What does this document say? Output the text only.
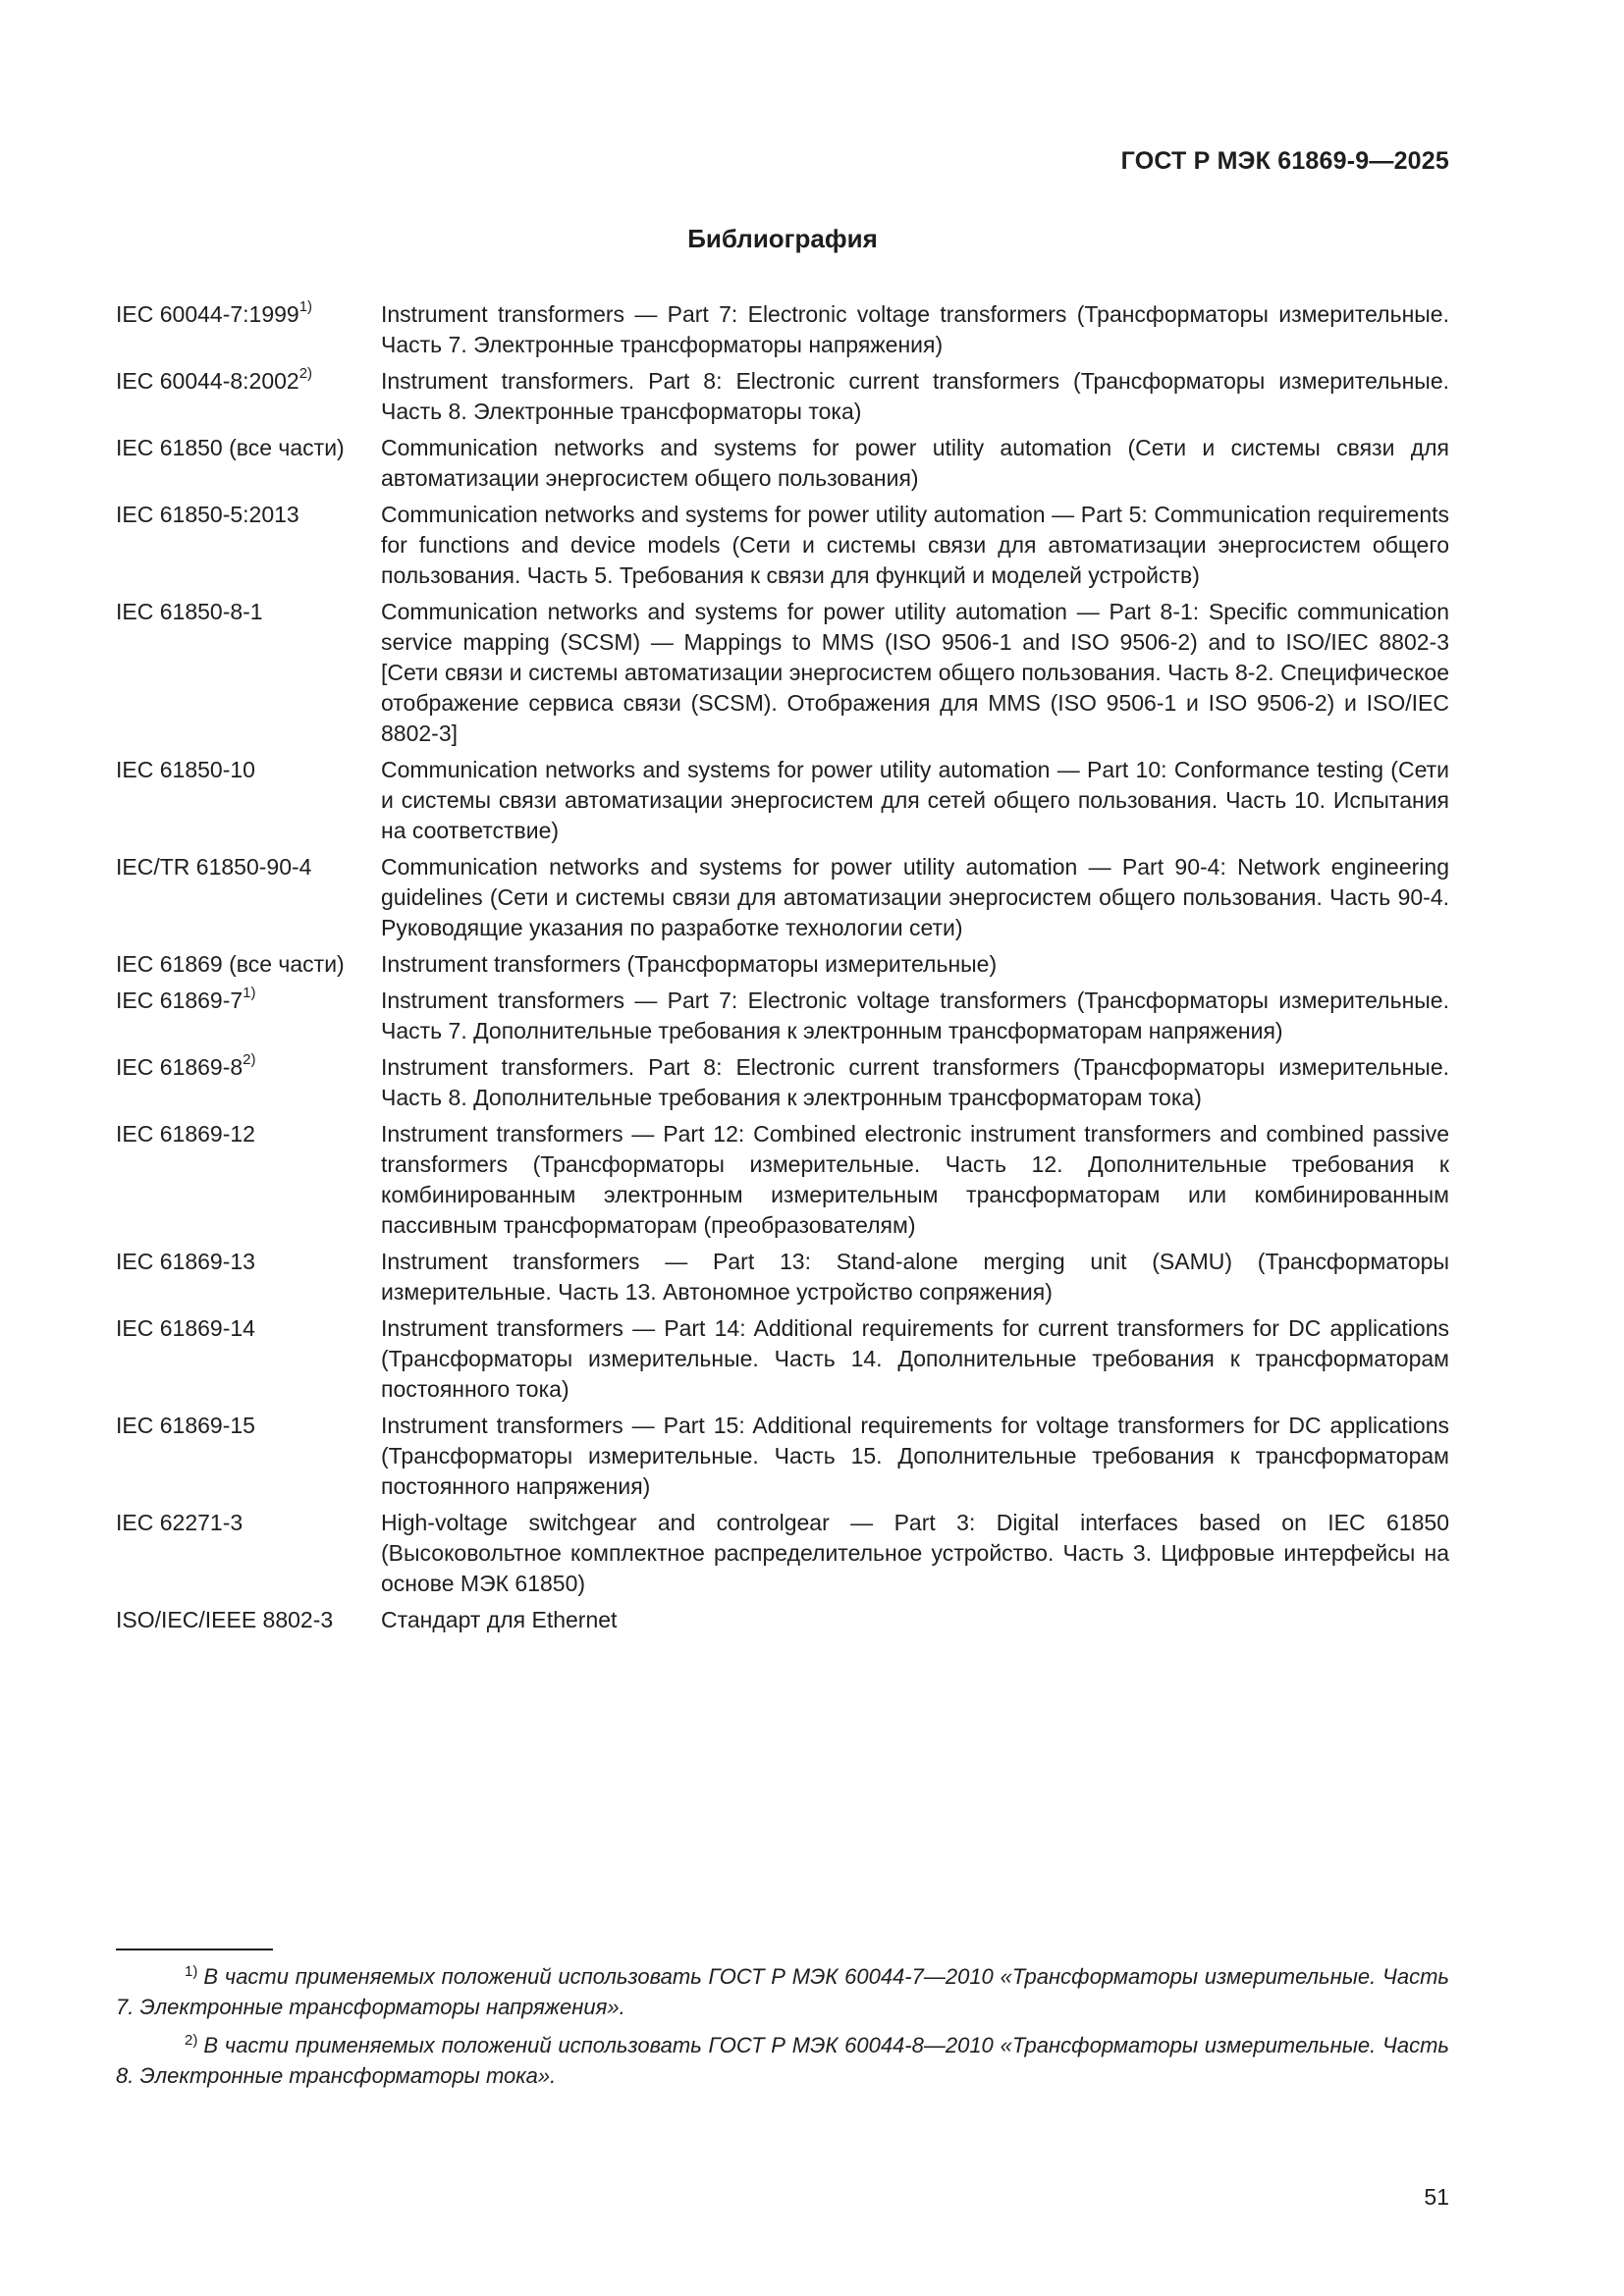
ГОСТ Р МЭК 61869-9—2025
Библиография
IEC 60044-7:1999$^{1)}$	Instrument transformers — Part 7: Electronic voltage transformers (Трансформаторы измерительные. Часть 7. Электронные трансформаторы напряжения)
IEC 60044-8:2002$^{2)}$	Instrument transformers. Part 8: Electronic current transformers (Трансформаторы измерительные. Часть 8. Электронные трансформаторы тока)
IEC 61850 (все части)	Communication networks and systems for power utility automation (Сети и системы связи для автоматизации энергосистем общего пользования)
IEC 61850-5:2013	Communication networks and systems for power utility automation — Part 5: Communication requirements for functions and device models (Сети и системы связи для автоматизации энергосистем общего пользования. Часть 5. Требования к связи для функций и моделей устройств)
IEC 61850-8-1	Communication networks and systems for power utility automation — Part 8-1: Specific communication service mapping (SCSM) — Mappings to MMS (ISO 9506-1 and ISO 9506-2) and to ISO/IEC 8802-3 [Сети связи и системы автоматизации энергосистем общего пользования. Часть 8-2. Специфическое отображение сервиса связи (SCSM). Отображения для MMS (ISO 9506-1 и ISO 9506-2) и ISO/IEC 8802-3]
IEC 61850-10	Communication networks and systems for power utility automation — Part 10: Conformance testing (Сети и системы связи автоматизации энергосистем для сетей общего пользования. Часть 10. Испытания на соответствие)
IEC/TR 61850-90-4	Communication networks and systems for power utility automation — Part 90-4: Network engineering guidelines (Сети и системы связи для автоматизации энергосистем общего пользования. Часть 90-4. Руководящие указания по разработке технологии сети)
IEC 61869 (все части)	Instrument transformers (Трансформаторы измерительные)
IEC 61869-7$^{1)}$	Instrument transformers — Part 7: Electronic voltage transformers (Трансформаторы измерительные. Часть 7. Дополнительные требования к электронным трансформаторам напряжения)
IEC 61869-8$^{2)}$	Instrument transformers. Part 8: Electronic current transformers (Трансформаторы измерительные. Часть 8. Дополнительные требования к электронным трансформаторам тока)
IEC 61869-12	Instrument transformers — Part 12: Combined electronic instrument transformers and combined passive transformers (Трансформаторы измерительные. Часть 12. Дополнительные требования к комбинированным электронным измерительным трансформаторам или комбинированным пассивным трансформаторам (преобразователям)
IEC 61869-13	Instrument transformers — Part 13: Stand-alone merging unit (SAMU) (Трансформаторы измерительные. Часть 13. Автономное устройство сопряжения)
IEC 61869-14	Instrument transformers — Part 14: Additional requirements for current transformers for DC applications (Трансформаторы измерительные. Часть 14. Дополнительные требования к трансформаторам постоянного тока)
IEC 61869-15	Instrument transformers — Part 15: Additional requirements for voltage transformers for DC applications (Трансформаторы измерительные. Часть 15. Дополнительные требования к трансформаторам постоянного напряжения)
IEC 62271-3	High-voltage switchgear and controlgear — Part 3: Digital interfaces based on IEC 61850 (Высоковольтное комплектное распределительное устройство. Часть 3. Цифровые интерфейсы на основе МЭК 61850)
ISO/IEC/IEEE 8802-3	Стандарт для Ethernet
$^{1)}$ В части применяемых положений использовать ГОСТ Р МЭК 60044-7—2010 «Трансформаторы измерительные. Часть 7. Электронные трансформаторы напряжения».
$^{2)}$ В части применяемых положений использовать ГОСТ Р МЭК 60044-8—2010 «Трансформаторы измерительные. Часть 8. Электронные трансформаторы тока».
51
